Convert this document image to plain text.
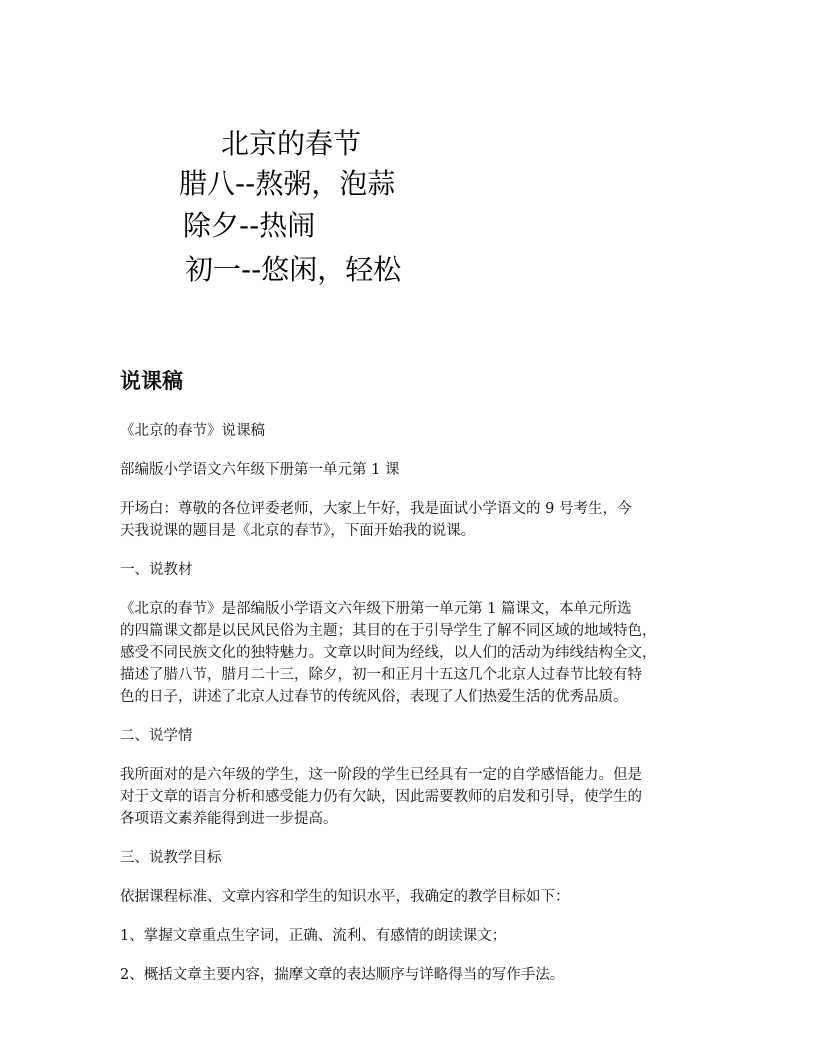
北京的春节
腊八--熬粥，泡蒜
除夕--热闹
初一--悠闲，轻松
说课稿

《北京的春节》说课稿

部编版小学语文六年级下册第一单元第 1 课

开场白：尊敬的各位评委老师，大家上午好，我是面试小学语文的 9 号考生，今
天我说课的题目是《北京的春节》，下面开始我的说课。

一、说教材

《北京的春节》是部编版小学语文六年级下册第一单元第 1 篇课文，本单元所选
的四篇课文都是以民风民俗为主题；其目的在于引导学生了解不同区域的地域特色，
感受不同民族文化的独特魅力。文章以时间为经线，以人们的活动为纬线结构全文，
描述了腊八节，腊月二十三，除夕，初一和正月十五这几个北京人过春节比较有特
色的日子，讲述了北京人过春节的传统风俗，表现了人们热爱生活的优秀品质。

二、说学情

我所面对的是六年级的学生，这一阶段的学生已经具有一定的自学感悟能力。但是
对于文章的语言分析和感受能力仍有欠缺，因此需要教师的启发和引导，使学生的
各项语文素养能得到进一步提高。

三、说教学目标

依据课程标准、文章内容和学生的知识水平，我确定的教学目标如下：

1、掌握文章重点生字词，正确、流利、有感情的朗读课文；

2、概括文章主要内容，揣摩文章的表达顺序与详略得当的写作手法。
